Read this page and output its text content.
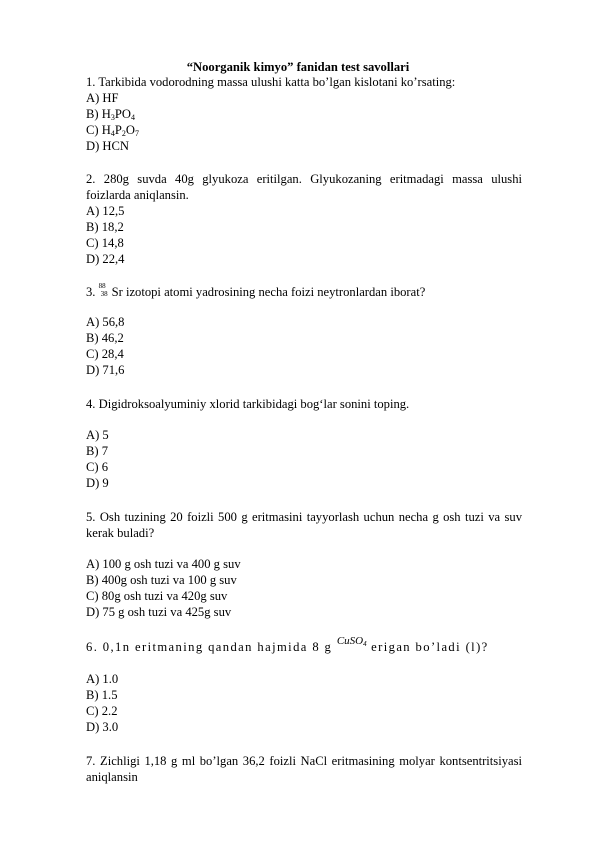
“Noorganik kimyo” fanidan test savollari
1. Tarkibida vodorodning massa ulushi katta bo’lgan kislotani ko’rsating:
A) HF
B) $H_3PO_4$
C) $H_4P_2O_7$
D) HCN
2. 280g suvda 40g glyukoza eritilgan. Glyukozaning eritmadagi massa ulushi
foizlarda aniqlansin.
A) 12,5
B) 18,2
C) 14,8
D) 22,4
3. 88
38 Sr izotopi atomi yadrosining necha foizi neytronlardan iborat?
A) 56,8
B) 46,2
C) 28,4
D) 71,6
4. Digidroksoalyuminiy xlorid tarkibidagi bog‘lar sonini toping.
A) 5
B) 7
C) 6
D) 9
5. Osh tuzining 20 foizli 500 g eritmasini tayyorlash uchun necha g osh tuzi va suv
kerak buladi?
A) 100 g osh tuzi va 400 g suv
B) 400g osh tuzi va 100 g suv
C) 80g osh tuzi va 420g suv
D) 75 g osh tuzi va 425g suv
6. 0,1n eritmaning qandan hajmida 8 g CuSO$_4$ erigan bo’ladi (l)?
A) 1.0
B) 1.5
C) 2.2
D) 3.0
7. Zichligi 1,18 g ml bo’lgan 36,2 foizli NaCl eritmasining molyar kontsentritsiyasi
aniqlansin
